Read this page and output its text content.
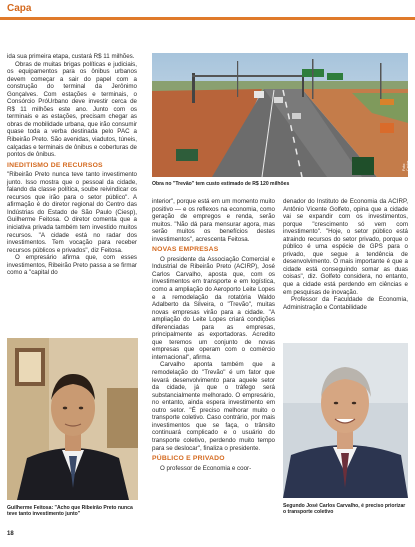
Capa

ida sua primeira etapa, custará R$ 11 milhões.

Obras de muitas brigas políticas e judiciais, os equipamentos para os ônibus urbanos devem começar a sair do papel com a construção do terminal da Jerônimo Gonçalves. Com estações e terminais, o Consórcio PróUrbano deve investir cerca de R$ 11 milhões este ano. Junto com os terminais e as estações, precisam chegar as obras de mobilidade urbana, que irão consumir quase toda a verba destinada pelo PAC a Ribeirão Preto. São avenidas, viadutos, túneis, calçadas e terminais de ônibus e coberturas de pontos de ônibus.

INEDITISMO DE RECURSOS

"Ribeirão Preto nunca teve tanto investimento junto. Isso mostra que o pessoal da cidade, falando da classe política, soube reivindicar os recursos que irão para o setor público". A afirmação é do diretor regional do Centro das Indústrias do Estado de São Paulo (Ciesp), Guilherme Feitosa. O diretor comenta que a iniciativa privada também tem investido muitos recursos. "A cidade está no radar dos investimentos. Tem vocação para receber recursos públicos e privados", diz Feitosa.

O empresário afirma que, com esses investimentos, Ribeirão Preto passa a se firmar como a "capital do

Foto: Carlos Lemos
Obra no "Trevão" tem custo estimado de R$ 120 milhões

interior", porque está em um momento muito positivo — e os reflexos na economia, como geração de empregos e renda, serão muitos. "Não dá para mensurar agora, mas serão muitos os benefícios destes investimentos", acrescenta Feitosa.

NOVAS EMPRESAS

O presidente da Associação Comercial e Industrial de Ribeirão Preto (ACIRP), José Carlos Carvalho, aposta que, com os investimentos em transporte e em logística, como a ampliação do Aeroporto Leite Lopes e a remodelação da rotatória Waldo Adalberto da Silveira, o "Trevão", muitas novas empresas virão para a cidade. "A ampliação do Leite Lopes criará condições diferenciadas para as empresas, principalmente as exportadoras. Acredito que teremos um conjunto de novas empresas que operam com o comércio internacional", afirma.

Carvalho aponta também que a remodelação do "Trevão" é um fator que levará desenvolvimento para aquele setor da cidade, já que o tráfego será substancialmente melhorado. O empresário, no entanto, ainda espera investimento em outro setor. "É preciso melhorar muito o transporte coletivo. Caso contrário, por mais investimentos que se faça, o trânsito continuará complicado e o usuário do transporte coletivo, perdendo muito tempo para se deslocar", finaliza o presidente.

PÚBLICO E PRIVADO

O professor de Economia e coor-

denador do Instituto de Economia da ACIRP, Antônio Vicente Golfeto, opina que a cidade vai se expandir com os investimentos, porque "crescimento só vem com investimento". "Hoje, o setor público está atraindo recursos do setor privado, porque o público é uma espécie de GPS para o privado, que segue a tendência de desenvolvimento. O mais importante é que a cidade está conseguindo somar as duas coisas", diz. Golfeto considera, no entanto, que a cidade está perdendo em ciências e em pesquisas de inovação.

Professor da Faculdade de Economia, Administração e Contabilidade

Guilherme Feitosa: "Acho que Ribeirão Preto nunca teve tanto investimento junto"
Segundo José Carlos Carvalho, é preciso priorizar o transporte coletivo
18
